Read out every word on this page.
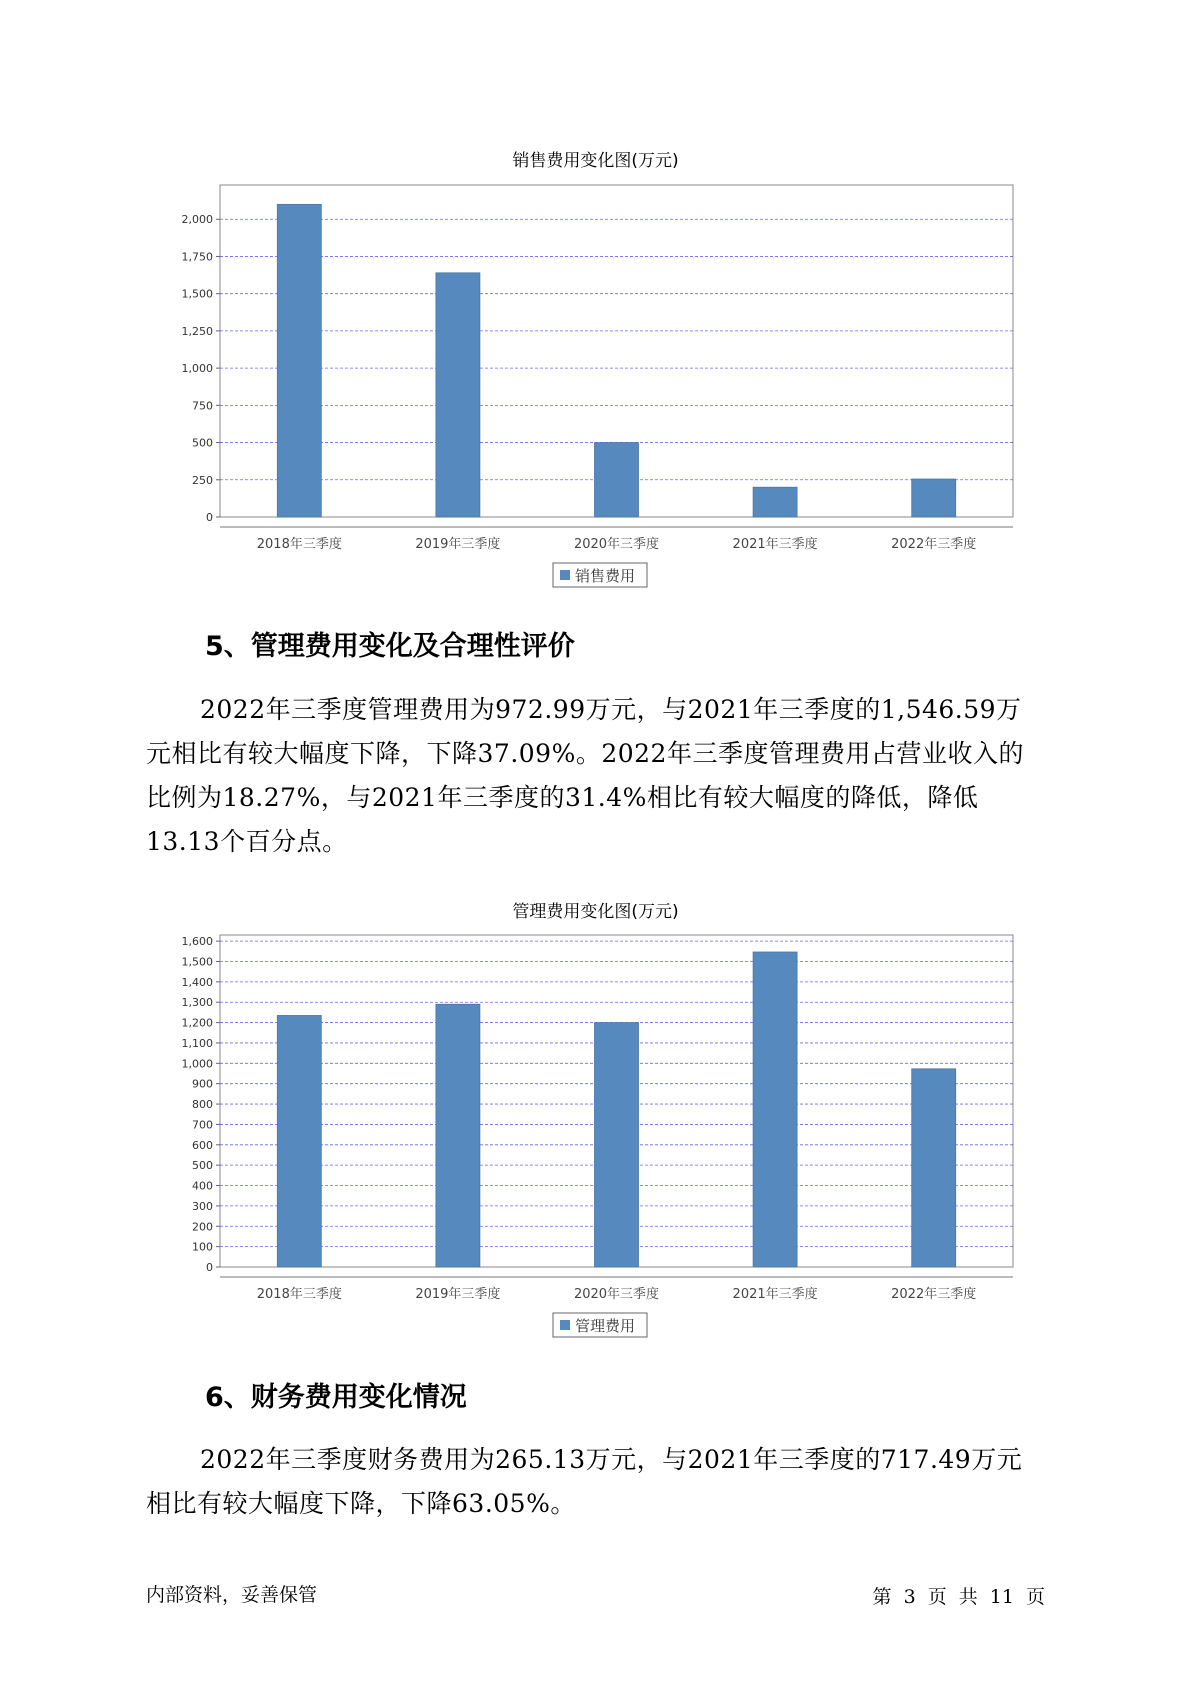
销售费用变化图(万元)
0
250
500
750
1,000
1,250
1,500
1,750
2,000
2018年三季度	2019年三季度	2020年三季度	2021年三季度	2022年三季度
销售费用
5、管理费用变化及合理性评价

2022年三季度管理费用为972.99万元，与2021年三季度的1,546.59万元相比有较大幅度下降，下降37.09%。2022年三季度管理费用占营业收入的比例为18.27%，与2021年三季度的31.4%相比有较大幅度的降低，降低13.13个百分点。

管理费用变化图(万元)
0
100
200
300
400
500
600
700
800
900
1,000
1,100
1,200
1,300
1,400
1,500
1,600
2018年三季度	2019年三季度	2020年三季度	2021年三季度	2022年三季度
管理费用
6、财务费用变化情况

2022年三季度财务费用为265.13万元，与2021年三季度的717.49万元相比有较大幅度下降，下降63.05%。

内部资料，妥善保管	第 3 页 共 11 页
